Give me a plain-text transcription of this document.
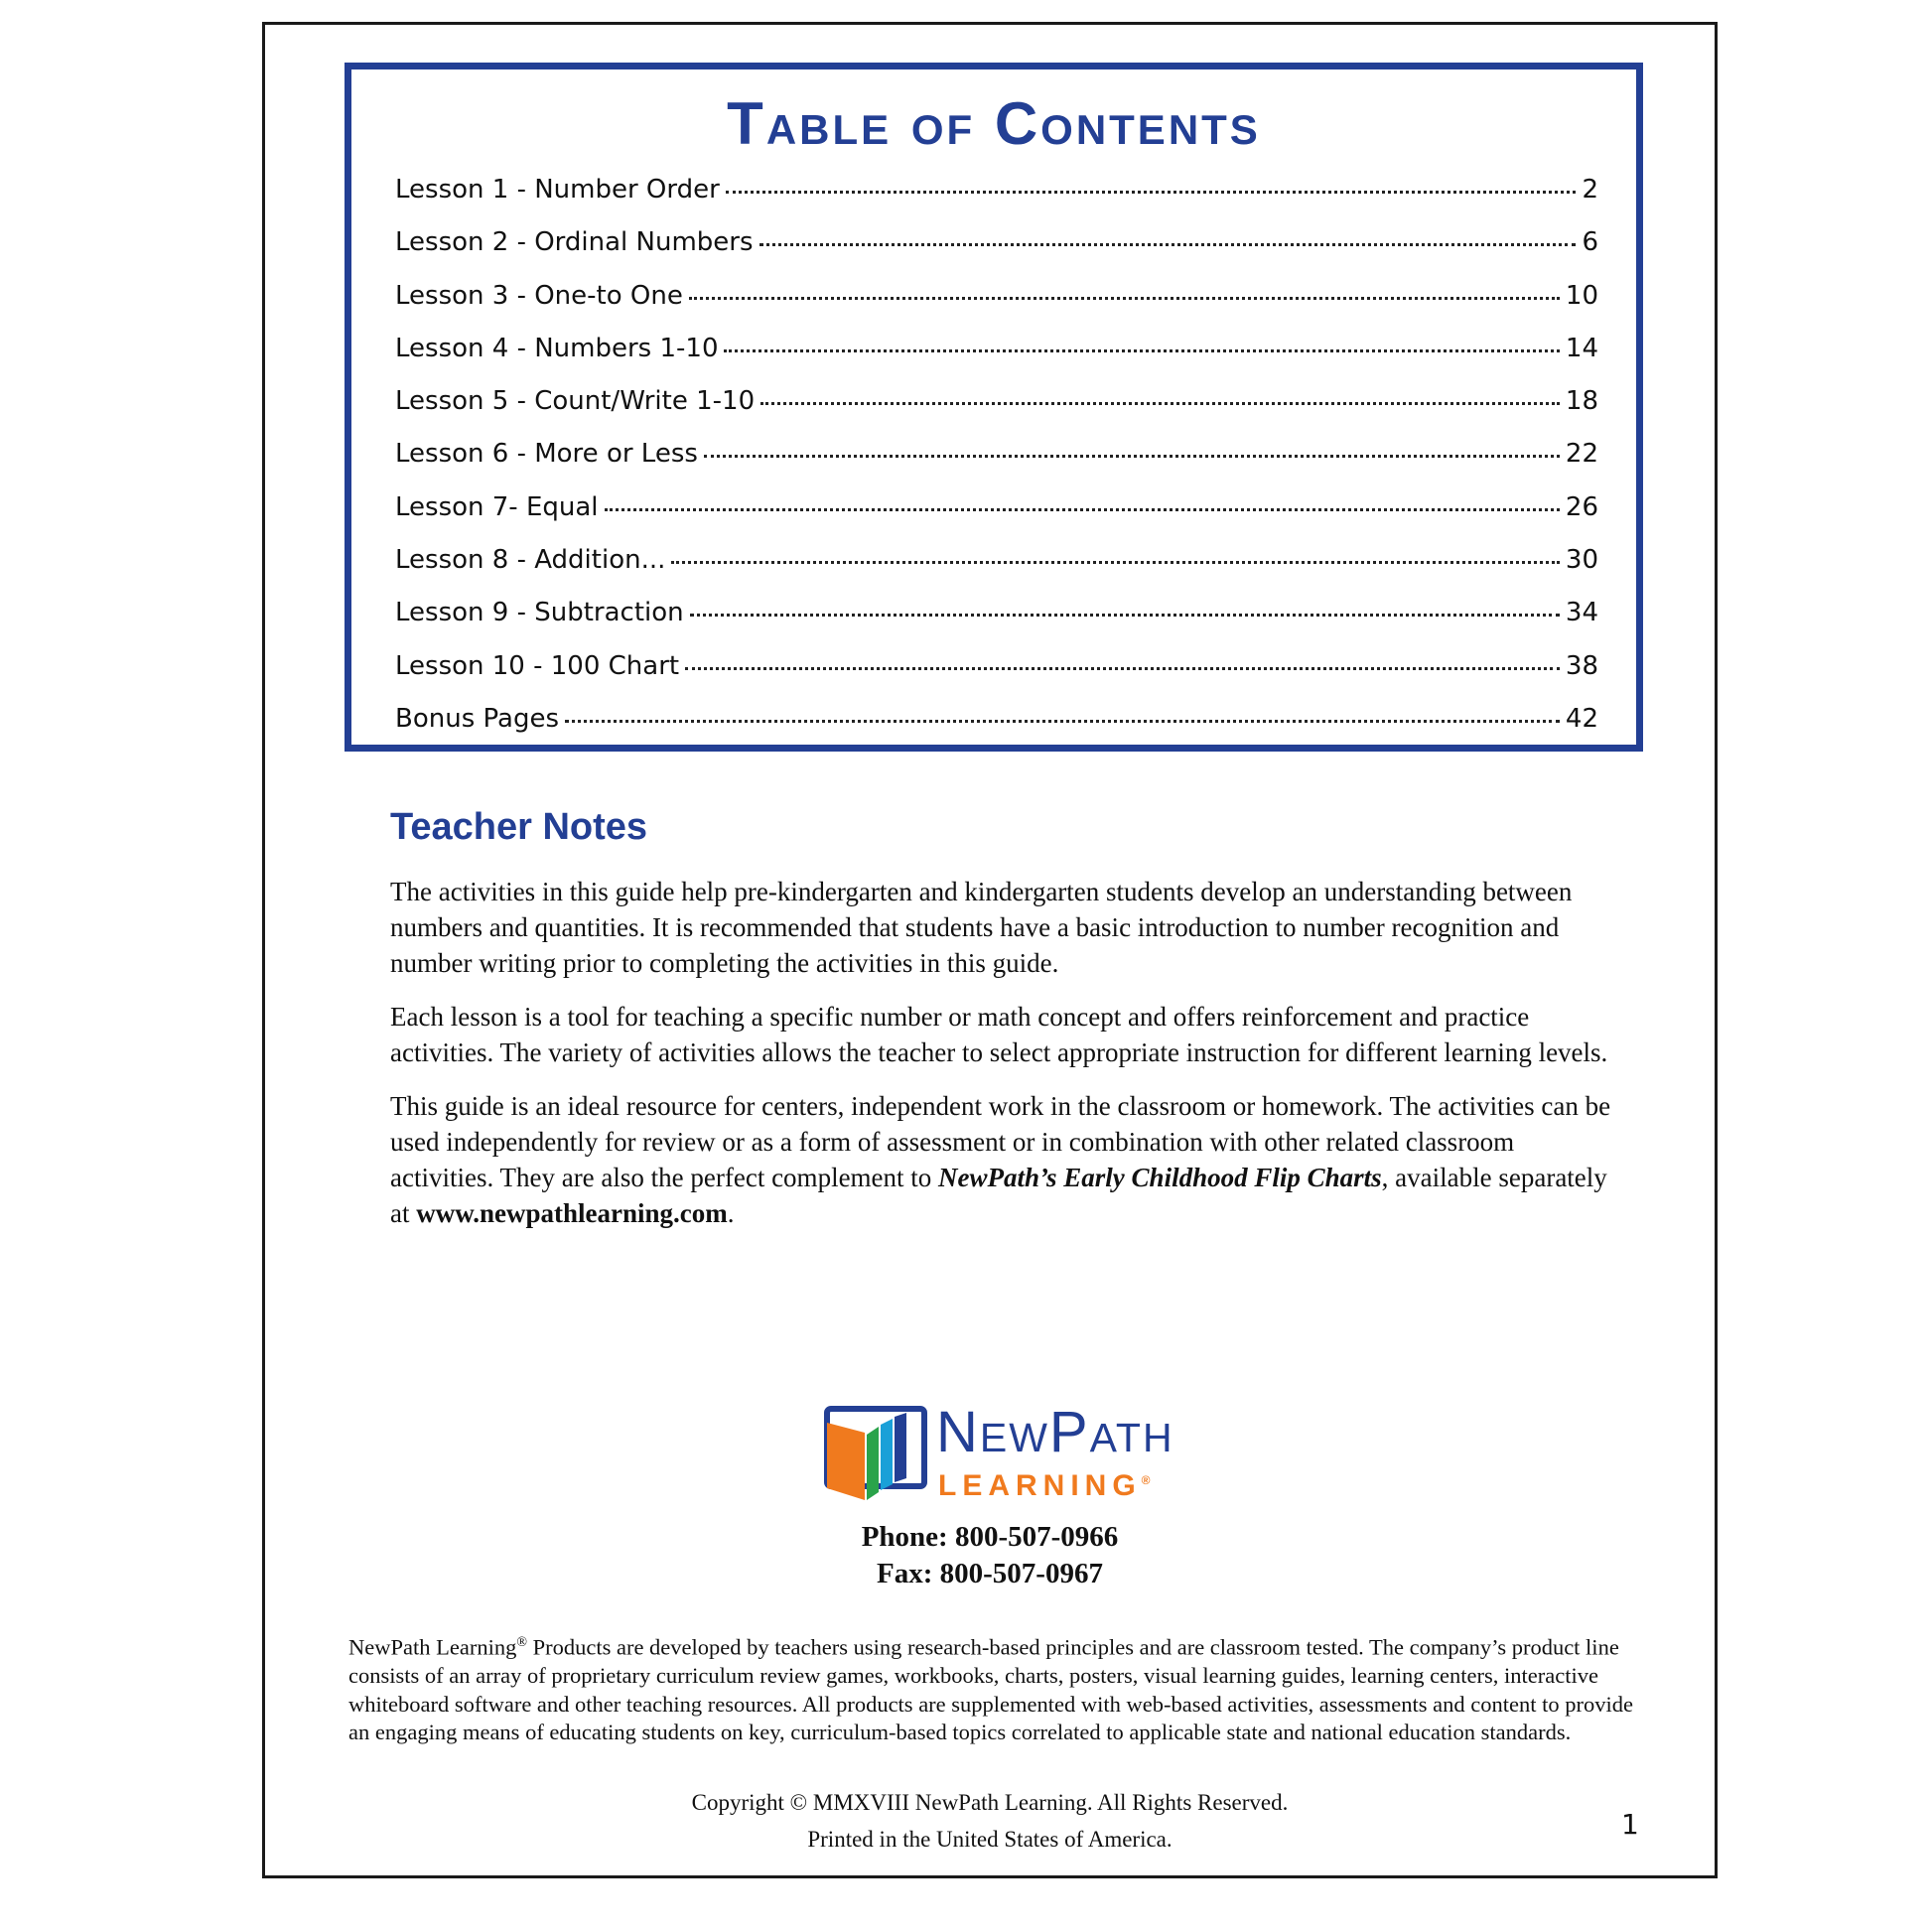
Table of Contents
Lesson 1 - Number Order	2
Lesson 2 - Ordinal Numbers	6
Lesson 3 - One-to One	10
Lesson 4 - Numbers 1-10	14
Lesson 5 - Count/Write 1-10	18
Lesson 6 - More or Less	22
Lesson 7- Equal	26
Lesson 8 - Addition...	30
Lesson 9 - Subtraction	34
Lesson 10 - 100 Chart	38
Bonus Pages	42
Teacher Notes

The activities in this guide help pre-kindergarten and kindergarten students develop an understanding between numbers and quantities. It is recommended that students have a basic introduction to number recognition and number writing prior to completing the activities in this guide.

Each lesson is a tool for teaching a specific number or math concept and offers reinforcement and practice activities. The variety of activities allows the teacher to select appropriate instruction for different learning levels.

This guide is an ideal resource for centers, independent work in the classroom or homework. The activities can be used independently for review or as a form of assessment or in combination with other related classroom activities. They are also the perfect complement to NewPath’s Early Childhood Flip Charts, available separately at www.newpathlearning.com.

NewPath
LEARNING®
Phone: 800-507-0966
Fax: 800-507-0967

NewPath Learning® Products are developed by teachers using research-based principles and are classroom tested. The company’s product line consists of an array of proprietary curriculum review games, workbooks, charts, posters, visual learning guides, learning centers, interactive whiteboard software and other teaching resources. All products are supplemented with web-based activities, assessments and content to provide an engaging means of educating students on key, curriculum-based topics correlated to applicable state and national education standards.

Copyright © MMXVIII NewPath Learning. All Rights Reserved.
Printed in the United States of America.	1
